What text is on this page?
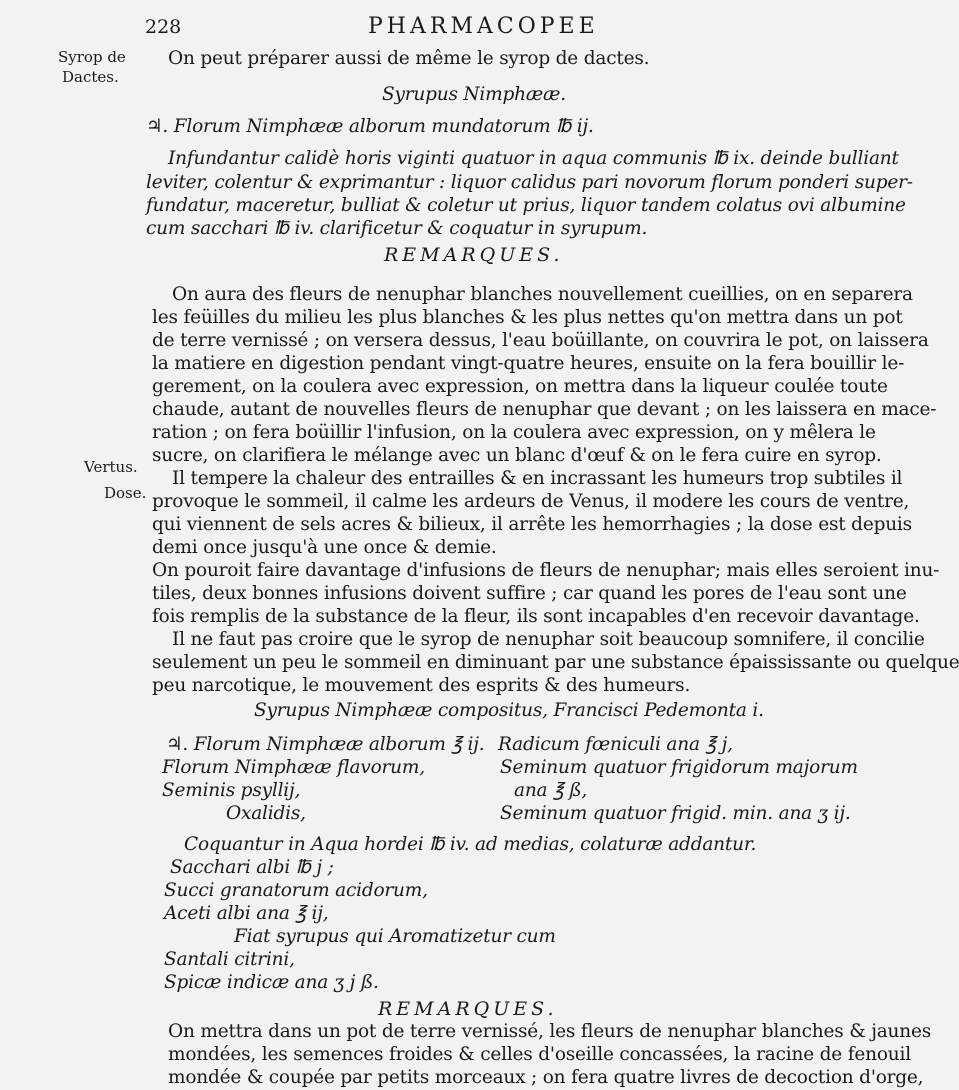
228	PHARMACOPEE
Syrop de
Dactes.
Vertus.
Dose.
On peut préparer aussi de même le syrop de dactes.
Syrupus Nimphææ.
♃. Florum Nimphææ alborum mundatorum ℔ ij.
Infundantur calidè horis viginti quatuor in aqua communis ℔ ix. deinde bulliant
leviter, colentur & exprimantur : liquor calidus pari novorum florum ponderi super-
fundatur, maceretur, bulliat & coletur ut prius, liquor tandem colatus ovi albumine
cum sacchari ℔ iv. clarificetur & coquatur in syrupum.
REMARQUES.
On aura des fleurs de nenuphar blanches nouvellement cueillies, on en separera
les feüilles du milieu les plus blanches & les plus nettes qu'on mettra dans un pot
de terre vernissé ; on versera dessus, l'eau boüillante, on couvrira le pot, on laissera
la matiere en digestion pendant vingt-quatre heures, ensuite on la fera bouillir le-
gerement, on la coulera avec expression, on mettra dans la liqueur coulée toute
chaude, autant de nouvelles fleurs de nenuphar que devant ; on les laissera en mace-
ration ; on fera boüillir l'infusion, on la coulera avec expression, on y mêlera le
sucre, on clarifiera le mélange avec un blanc d'œuf & on le fera cuire en syrop.
Il tempere la chaleur des entrailles & en incrassant les humeurs trop subtiles il
provoque le sommeil, il calme les ardeurs de Venus, il modere les cours de ventre,
qui viennent de sels acres & bilieux, il arrête les hemorrhagies ; la dose est depuis
demi once jusqu'à une once & demie.
On pouroit faire davantage d'infusions de fleurs de nenuphar; mais elles seroient inu-
tiles, deux bonnes infusions doivent suffire ; car quand les pores de l'eau sont une
fois remplis de la substance de la fleur, ils sont incapables d'en recevoir davantage.
Il ne faut pas croire que le syrop de nenuphar soit beaucoup somnifere, il concilie
seulement un peu le sommeil en diminuant par une substance épaississante ou quelque
peu narcotique, le mouvement des esprits & des humeurs.
Syrupus Nimphææ compositus, Francisci Pedemonta i.
♃. Florum Nimphææ alborum ℥ ij. Radicum fœniculi ana ℥ j,
Florum Nimphææ flavorum,	Seminum quatuor frigidorum majorum
Seminis psyllij,	ana ℥ ß,
Oxalidis,	Seminum quatuor frigid. min. ana ʒ ij.
Coquantur in Aqua hordei ℔ iv. ad medias, colaturæ addantur.
Sacchari albi ℔ j ;
Succi granatorum acidorum,
Aceti albi ana ℥ ij,
Fiat syrupus qui Aromatizetur cum
Santali citrini,
Spicæ indicæ ana ʒ j ß.
REMARQUES.
On mettra dans un pot de terre vernissé, les fleurs de nenuphar blanches & jaunes
mondées, les semences froides & celles d'oseille concassées, la racine de fenouil
mondée & coupée par petits morceaux ; on fera quatre livres de decoction d'orge,
